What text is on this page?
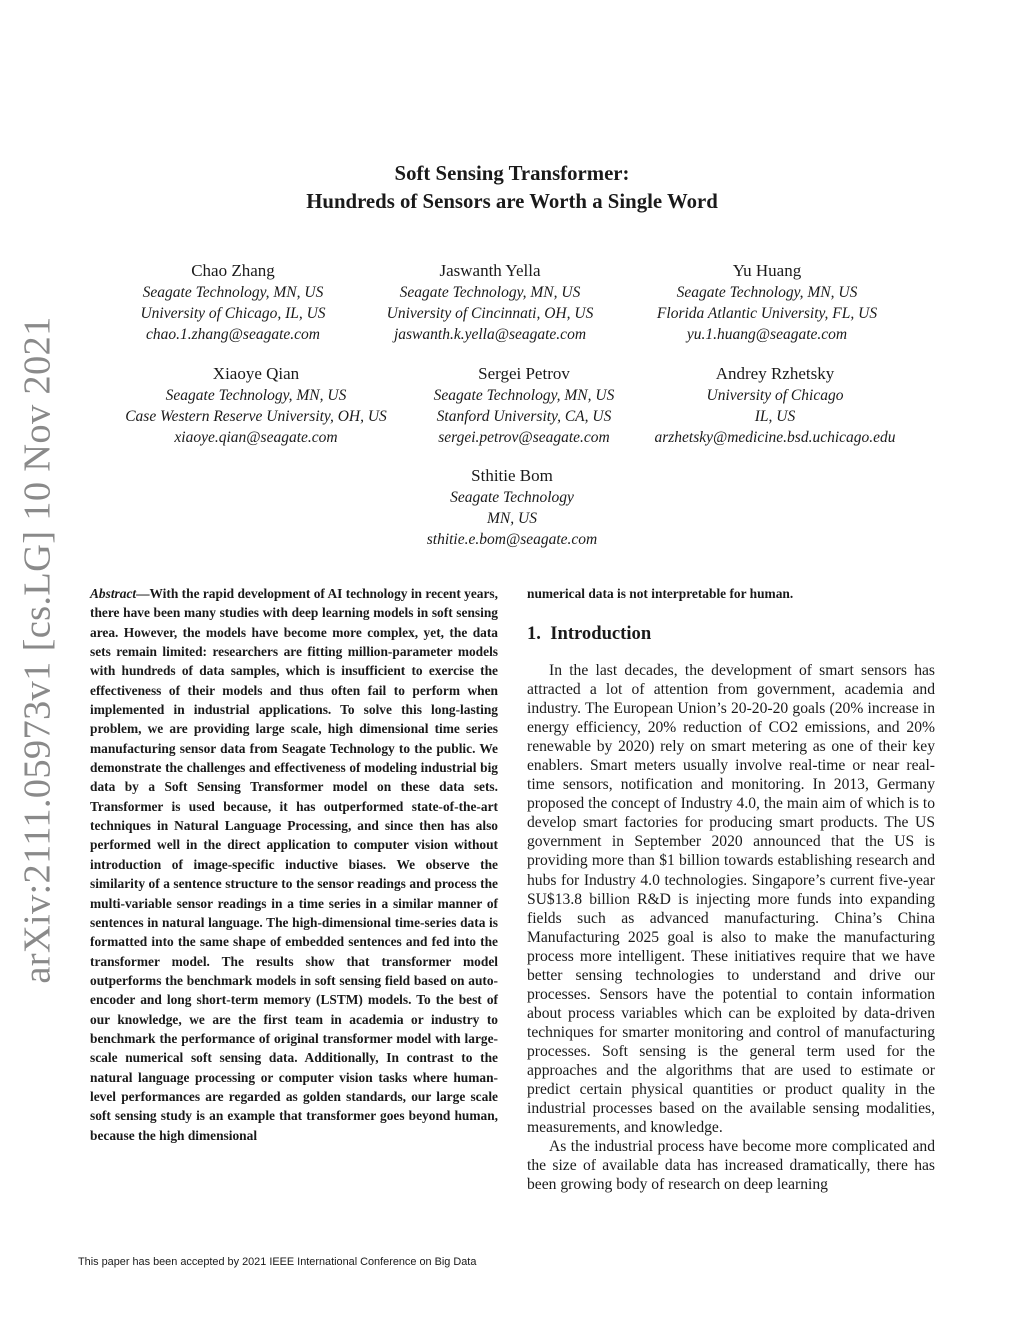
arXiv:2111.05973v1 [cs.LG] 10 Nov 2021
Soft Sensing Transformer:
Hundreds of Sensors are Worth a Single Word
Chao Zhang
Seagate Technology, MN, US
University of Chicago, IL, US
chao.1.zhang@seagate.com
Jaswanth Yella
Seagate Technology, MN, US
University of Cincinnati, OH, US
jaswanth.k.yella@seagate.com
Yu Huang
Seagate Technology, MN, US
Florida Atlantic University, FL, US
yu.1.huang@seagate.com
Xiaoye Qian
Seagate Technology, MN, US
Case Western Reserve University, OH, US
xiaoye.qian@seagate.com
Sergei Petrov
Seagate Technology, MN, US
Stanford University, CA, US
sergei.petrov@seagate.com
Andrey Rzhetsky
University of Chicago
IL, US
arzhetsky@medicine.bsd.uchicago.edu
Sthitie Bom
Seagate Technology
MN, US
sthitie.e.bom@seagate.com
Abstract—With the rapid development of AI technology in recent years, there have been many studies with deep learning models in soft sensing area. However, the models have become more complex, yet, the data sets remain limited: researchers are fitting million-parameter models with hundreds of data samples, which is insufficient to exercise the effectiveness of their models and thus often fail to perform when implemented in industrial applications. To solve this long-lasting problem, we are providing large scale, high dimensional time series manufacturing sensor data from Seagate Technology to the public. We demonstrate the challenges and effectiveness of modeling industrial big data by a Soft Sensing Transformer model on these data sets. Transformer is used because, it has outperformed state-of-the-art techniques in Natural Language Processing, and since then has also performed well in the direct application to computer vision without introduction of image-specific inductive biases. We observe the similarity of a sentence structure to the sensor readings and process the multi-variable sensor readings in a time series in a similar manner of sentences in natural language. The high-dimensional time-series data is formatted into the same shape of embedded sentences and fed into the transformer model. The results show that transformer model outperforms the benchmark models in soft sensing field based on auto-encoder and long short-term memory (LSTM) models. To the best of our knowledge, we are the first team in academia or industry to benchmark the performance of original transformer model with large-scale numerical soft sensing data. Additionally, In contrast to the natural language processing or computer vision tasks where human-level performances are regarded as golden standards, our large scale soft sensing study is an example that transformer goes beyond human, because the high dimensional
numerical data is not interpretable for human.
1. Introduction

In the last decades, the development of smart sensors has attracted a lot of attention from government, academia and industry. The European Union’s 20-20-20 goals (20% increase in energy efficiency, 20% reduction of CO2 emissions, and 20% renewable by 2020) rely on smart metering as one of their key enablers. Smart meters usually involve real-time or near real-time sensors, notification and monitoring. In 2013, Germany proposed the concept of Industry 4.0, the main aim of which is to develop smart factories for producing smart products. The US government in September 2020 announced that the US is providing more than $1 billion towards establishing research and hubs for Industry 4.0 technologies. Singapore’s current five-year SU$13.8 billion R&D is injecting more funds into expanding fields such as advanced manufacturing. China’s China Manufacturing 2025 goal is also to make the manufacturing process more intelligent. These initiatives require that we have better sensing technologies to understand and drive our processes. Sensors have the potential to contain information about process variables which can be exploited by data-driven techniques for smarter monitoring and control of manufacturing processes. Soft sensing is the general term used for the approaches and the algorithms that are used to estimate or predict certain physical quantities or product quality in the industrial processes based on the available sensing modalities, measurements, and knowledge.

As the industrial process have become more complicated and the size of available data has increased dramatically, there has been growing body of research on deep learning

This paper has been accepted by 2021 IEEE International Conference on Big Data
